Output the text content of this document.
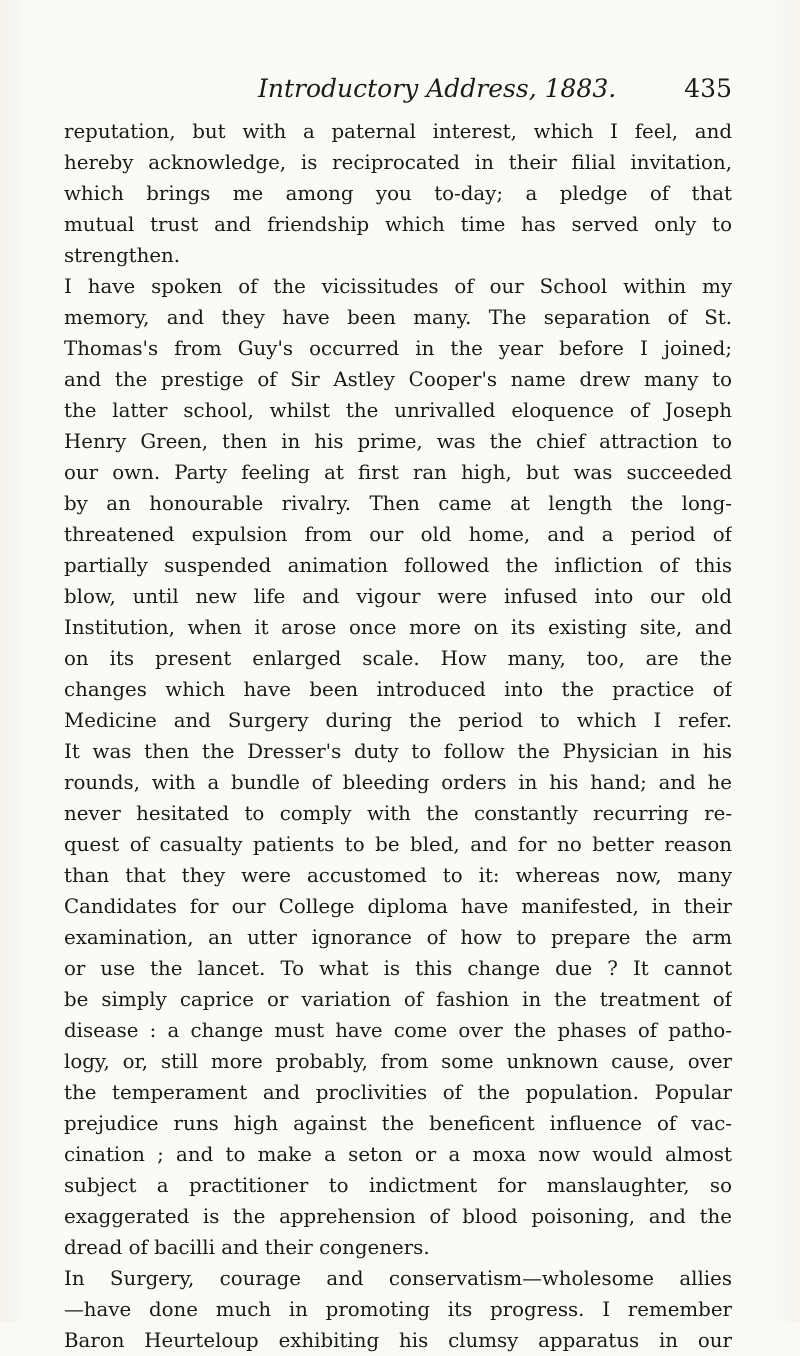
Introductory Address, 1883.	435
reputation, but with a paternal interest, which I feel, and
hereby acknowledge, is reciprocated in their filial invitation,
which brings me among you to-day; a pledge of that
mutual trust and friendship which time has served only to
strengthen.
I have spoken of the vicissitudes of our School within my
memory, and they have been many. The separation of St.
Thomas's from Guy's occurred in the year before I joined;
and the prestige of Sir Astley Cooper's name drew many to
the latter school, whilst the unrivalled eloquence of Joseph
Henry Green, then in his prime, was the chief attraction to
our own. Party feeling at first ran high, but was succeeded
by an honourable rivalry. Then came at length the long-
threatened expulsion from our old home, and a period of
partially suspended animation followed the infliction of this
blow, until new life and vigour were infused into our old
Institution, when it arose once more on its existing site, and
on its present enlarged scale. How many, too, are the
changes which have been introduced into the practice of
Medicine and Surgery during the period to which I refer.
It was then the Dresser's duty to follow the Physician in his
rounds, with a bundle of bleeding orders in his hand; and he
never hesitated to comply with the constantly recurring re-
quest of casualty patients to be bled, and for no better reason
than that they were accustomed to it: whereas now, many
Candidates for our College diploma have manifested, in their
examination, an utter ignorance of how to prepare the arm
or use the lancet. To what is this change due ? It cannot
be simply caprice or variation of fashion in the treatment of
disease : a change must have come over the phases of patho-
logy, or, still more probably, from some unknown cause, over
the temperament and proclivities of the population. Popular
prejudice runs high against the beneficent influence of vac-
cination ; and to make a seton or a moxa now would almost
subject a practitioner to indictment for manslaughter, so
exaggerated is the apprehension of blood poisoning, and the
dread of bacilli and their congeners.
In Surgery, courage and conservatism—wholesome allies
—have done much in promoting its progress. I remember
Baron Heurteloup exhibiting his clumsy apparatus in our
